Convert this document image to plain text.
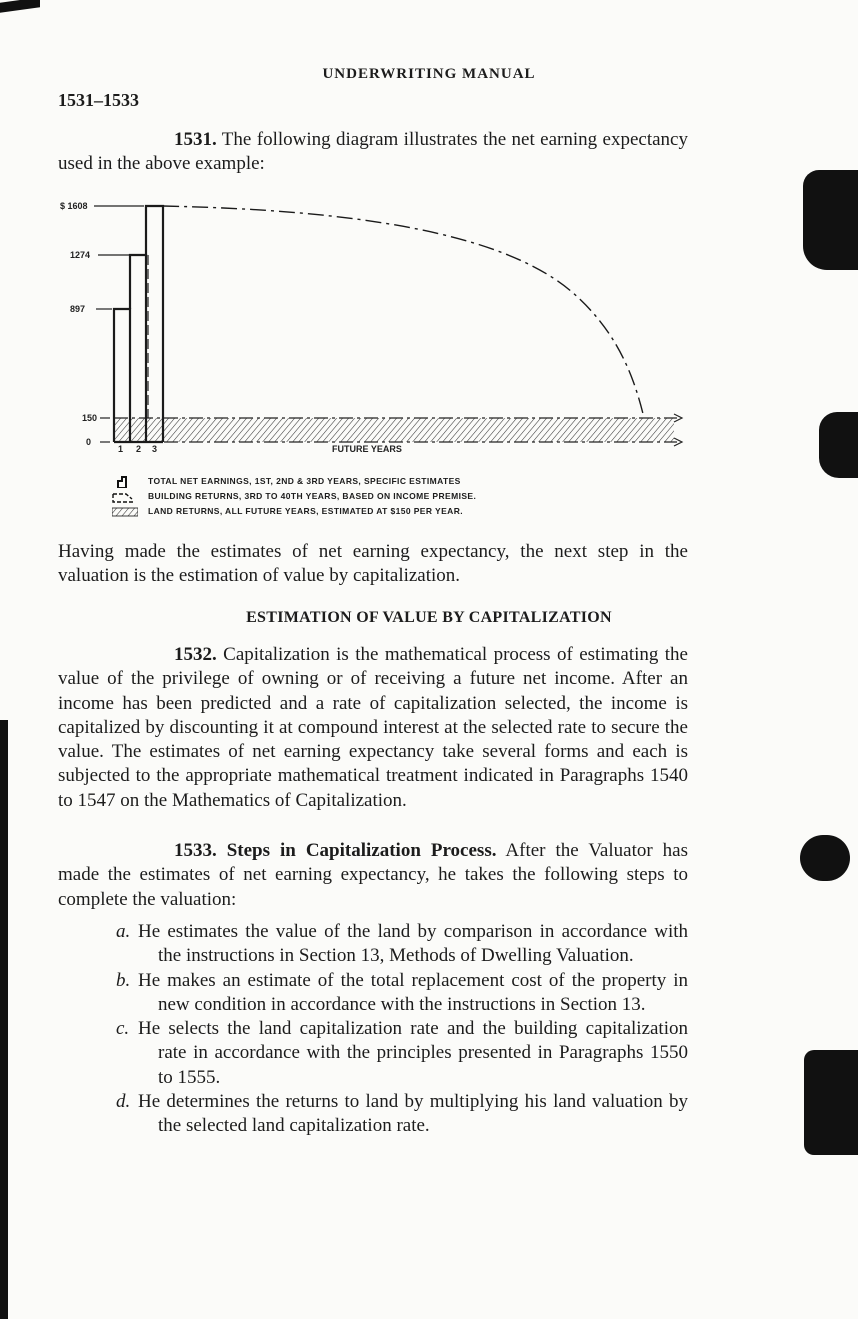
UNDERWRITING MANUAL
1531–1533

1531. The following diagram illustrates the net earning expectancy used in the above example:

$ 1608
1274
897
150
0
1 2 3	FUTURE YEARS
TOTAL NET EARNINGS, 1ST, 2ND & 3RD YEARS, SPECIFIC ESTIMATES
BUILDING RETURNS, 3RD TO 40TH YEARS, BASED ON INCOME PREMISE.
LAND RETURNS, ALL FUTURE YEARS, ESTIMATED AT $150 PER YEAR.

Having made the estimates of net earning expectancy, the next step in the valuation is the estimation of value by capitalization.

ESTIMATION OF VALUE BY CAPITALIZATION

1532. Capitalization is the mathematical process of estimating the value of the privilege of owning or of receiving a future net income. After an income has been predicted and a rate of capitalization selected, the income is capitalized by discounting it at compound interest at the selected rate to secure the value. The estimates of net earning expectancy take several forms and each is subjected to the appropriate mathematical treatment indicated in Paragraphs 1540 to 1547 on the Mathematics of Capitalization.

1533. Steps in Capitalization Process. After the Valuator has made the estimates of net earning expectancy, he takes the following steps to complete the valuation:

a. He estimates the value of the land by comparison in accordance with the instructions in Section 13, Methods of Dwelling Valuation.

b. He makes an estimate of the total replacement cost of the property in new condition in accordance with the instructions in Section 13.

c. He selects the land capitalization rate and the building capitalization rate in accordance with the principles presented in Paragraphs 1550 to 1555.

d. He determines the returns to land by multiplying his land valuation by the selected land capitalization rate.
